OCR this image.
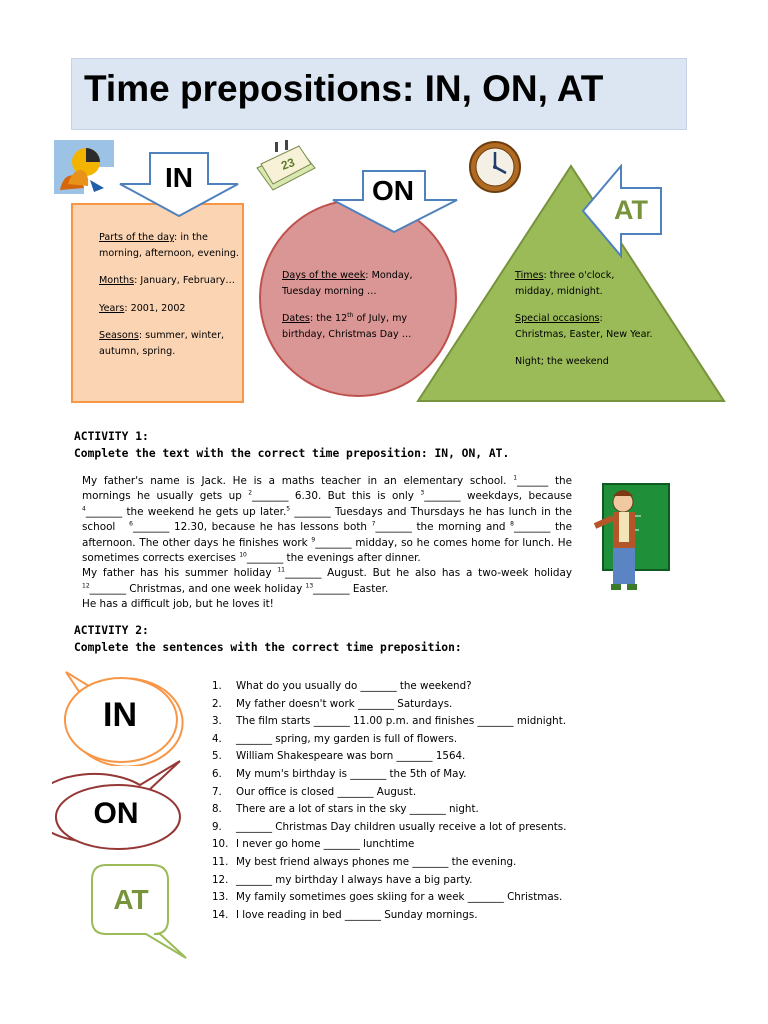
Time prepositions: IN, ON, AT
23
IN
Parts of the day: in the morning, afternoon, evening.
Months: January, February…
Years: 2001, 2002
Seasons: summer, winter, autumn, spring.
ON
Days of the week: Monday, Tuesday morning …
Dates: the 12th of July, my birthday, Christmas Day …
AT
Times: three o'clock, midday, midnight.
Special occasions: Christmas, Easter, New Year.
Night; the weekend
ACTIVITY 1:
Complete the text with the correct time preposition: IN, ON, AT.
My father's name is Jack. He is a maths teacher in an elementary school. $^1$______ the mornings he usually gets up $^2$_______ 6.30. But this is only $^3$_______ weekdays, because $^4$_______ the weekend he gets up later.$^5$ _______ Tuesdays and Thursdays he has lunch in the school   $^6$_______ 12.30, because he has lessons both $^7$_______ the morning and $^8$_______ the afternoon. The other days he finishes work $^9$_______ midday, so he comes home for lunch. He sometimes corrects exercises $^{10}$_______ the evenings after dinner.
My father has his summer holiday $^{11}$_______ August. But he also has a two-week holiday $^{12}$_______ Christmas, and one week holiday $^{13}$_______ Easter.
He has a difficult job, but he loves it!
ACTIVITY 2:
Complete the sentences with the correct time preposition:
IN
ON
AT
1. What do you usually do _______ the weekend?
2. My father doesn't work _______ Saturdays.
3. The film starts _______ 11.00 p.m. and finishes _______ midnight.
4. _______ spring, my garden is full of flowers.
5. William Shakespeare was born _______ 1564.
6. My mum's birthday is _______ the 5th of May.
7. Our office is closed _______ August.
8. There are a lot of stars in the sky _______ night.
9. _______ Christmas Day children usually receive a lot of presents.
10. I never go home _______ lunchtime
11. My best friend always phones me _______ the evening.
12. _______ my birthday I always have a big party.
13. My family sometimes goes skiing for a week _______ Christmas.
14. I love reading in bed _______ Sunday mornings.
